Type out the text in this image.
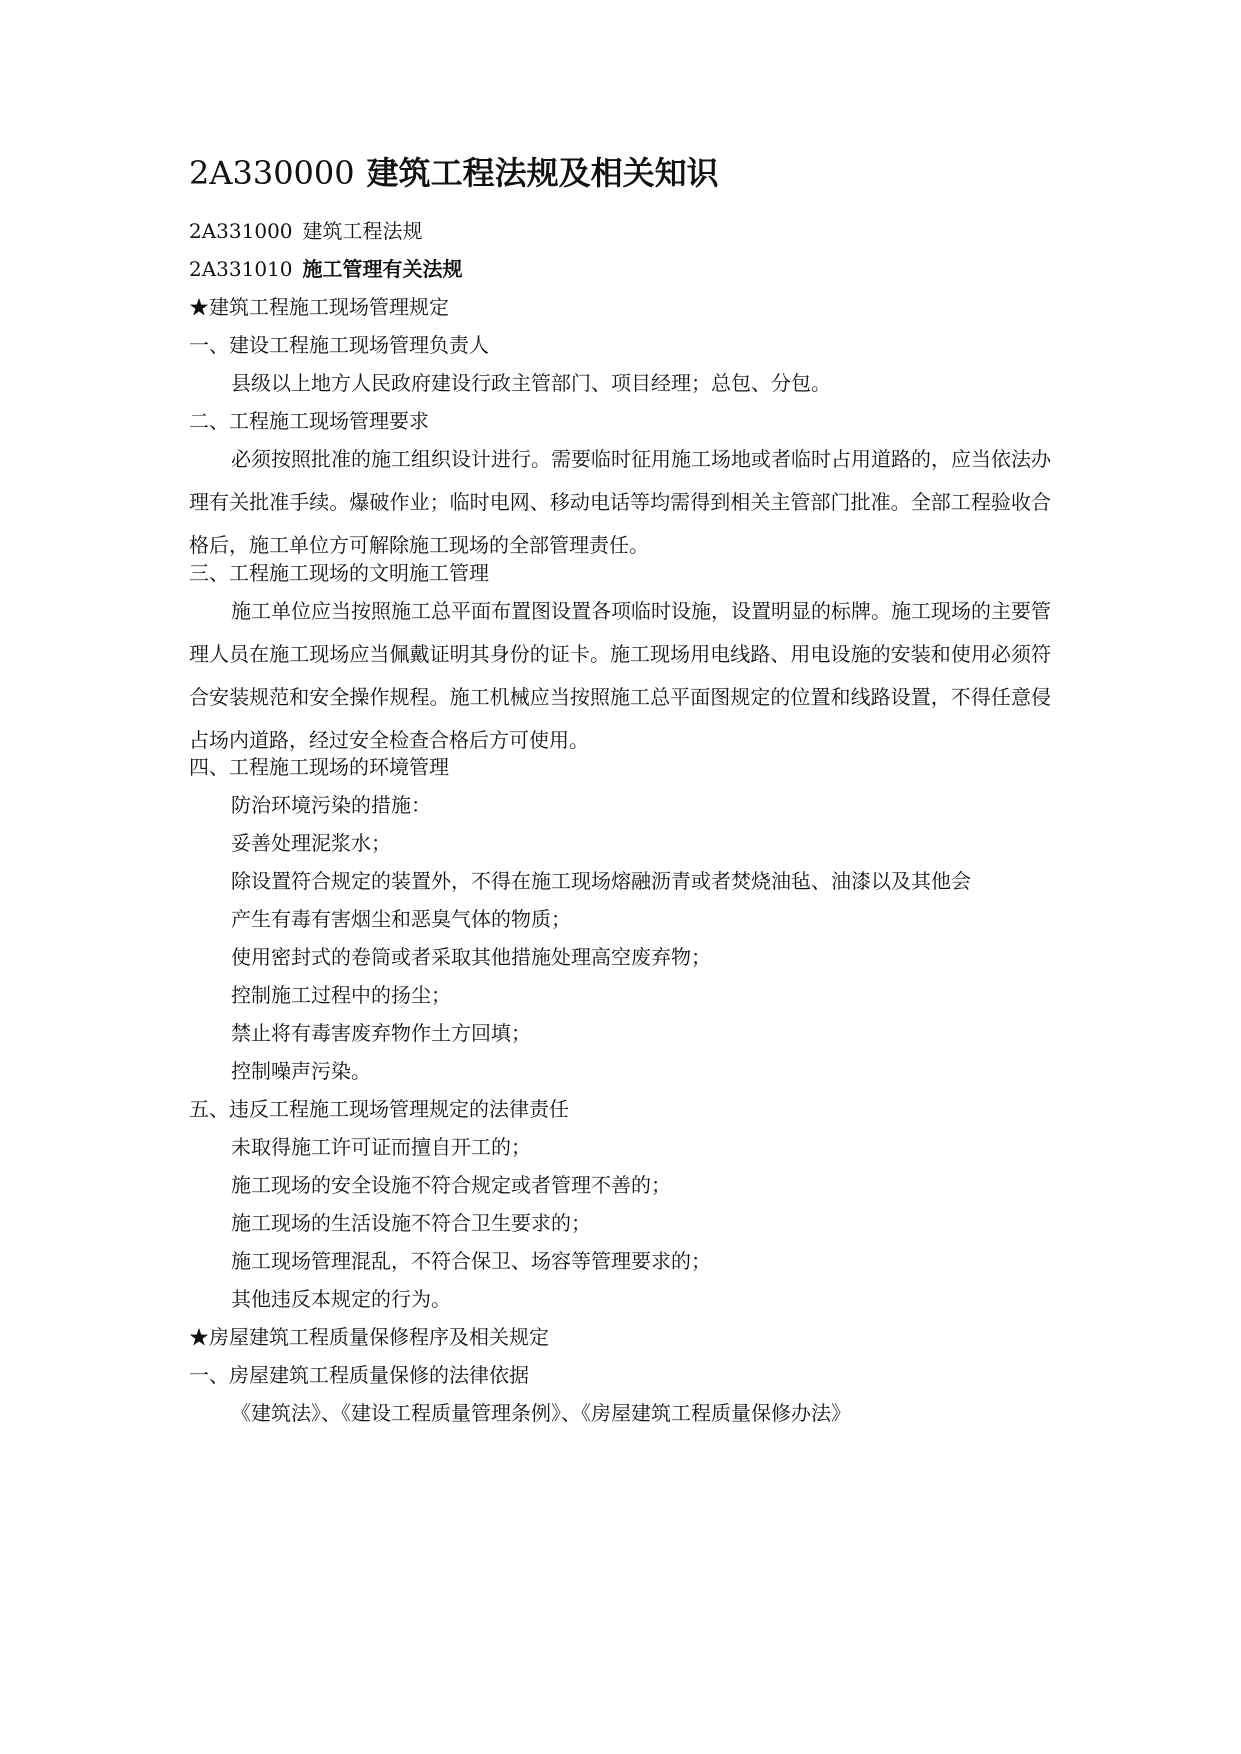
2A330000 建筑工程法规及相关知识
2A331000 建筑工程法规
2A331010 施工管理有关法规
★建筑工程施工现场管理规定
一、建设工程施工现场管理负责人
县级以上地方人民政府建设行政主管部门、项目经理；总包、分包。
二、工程施工现场管理要求

必须按照批准的施工组织设计进行。需要临时征用施工场地或者临时占用道路的，应当依法办理有关批准手续。爆破作业；临时电网、移动电话等均需得到相关主管部门批准。全部工程验收合格后，施工单位方可解除施工现场的全部管理责任。

三、工程施工现场的文明施工管理

施工单位应当按照施工总平面布置图设置各项临时设施，设置明显的标牌。施工现场的主要管理人员在施工现场应当佩戴证明其身份的证卡。施工现场用电线路、用电设施的安装和使用必须符合安装规范和安全操作规程。施工机械应当按照施工总平面图规定的位置和线路设置，不得任意侵占场内道路，经过安全检查合格后方可使用。

四、工程施工现场的环境管理
防治环境污染的措施：
妥善处理泥浆水；
除设置符合规定的装置外，不得在施工现场熔融沥青或者焚烧油毡、油漆以及其他会
产生有毒有害烟尘和恶臭气体的物质；
使用密封式的卷筒或者采取其他措施处理高空废弃物；
控制施工过程中的扬尘；
禁止将有毒害废弃物作土方回填；
控制噪声污染。
五、违反工程施工现场管理规定的法律责任
未取得施工许可证而擅自开工的；
施工现场的安全设施不符合规定或者管理不善的；
施工现场的生活设施不符合卫生要求的；
施工现场管理混乱，不符合保卫、场容等管理要求的；
其他违反本规定的行为。
★房屋建筑工程质量保修程序及相关规定
一、房屋建筑工程质量保修的法律依据
《建筑法》、《建设工程质量管理条例》、《房屋建筑工程质量保修办法》
